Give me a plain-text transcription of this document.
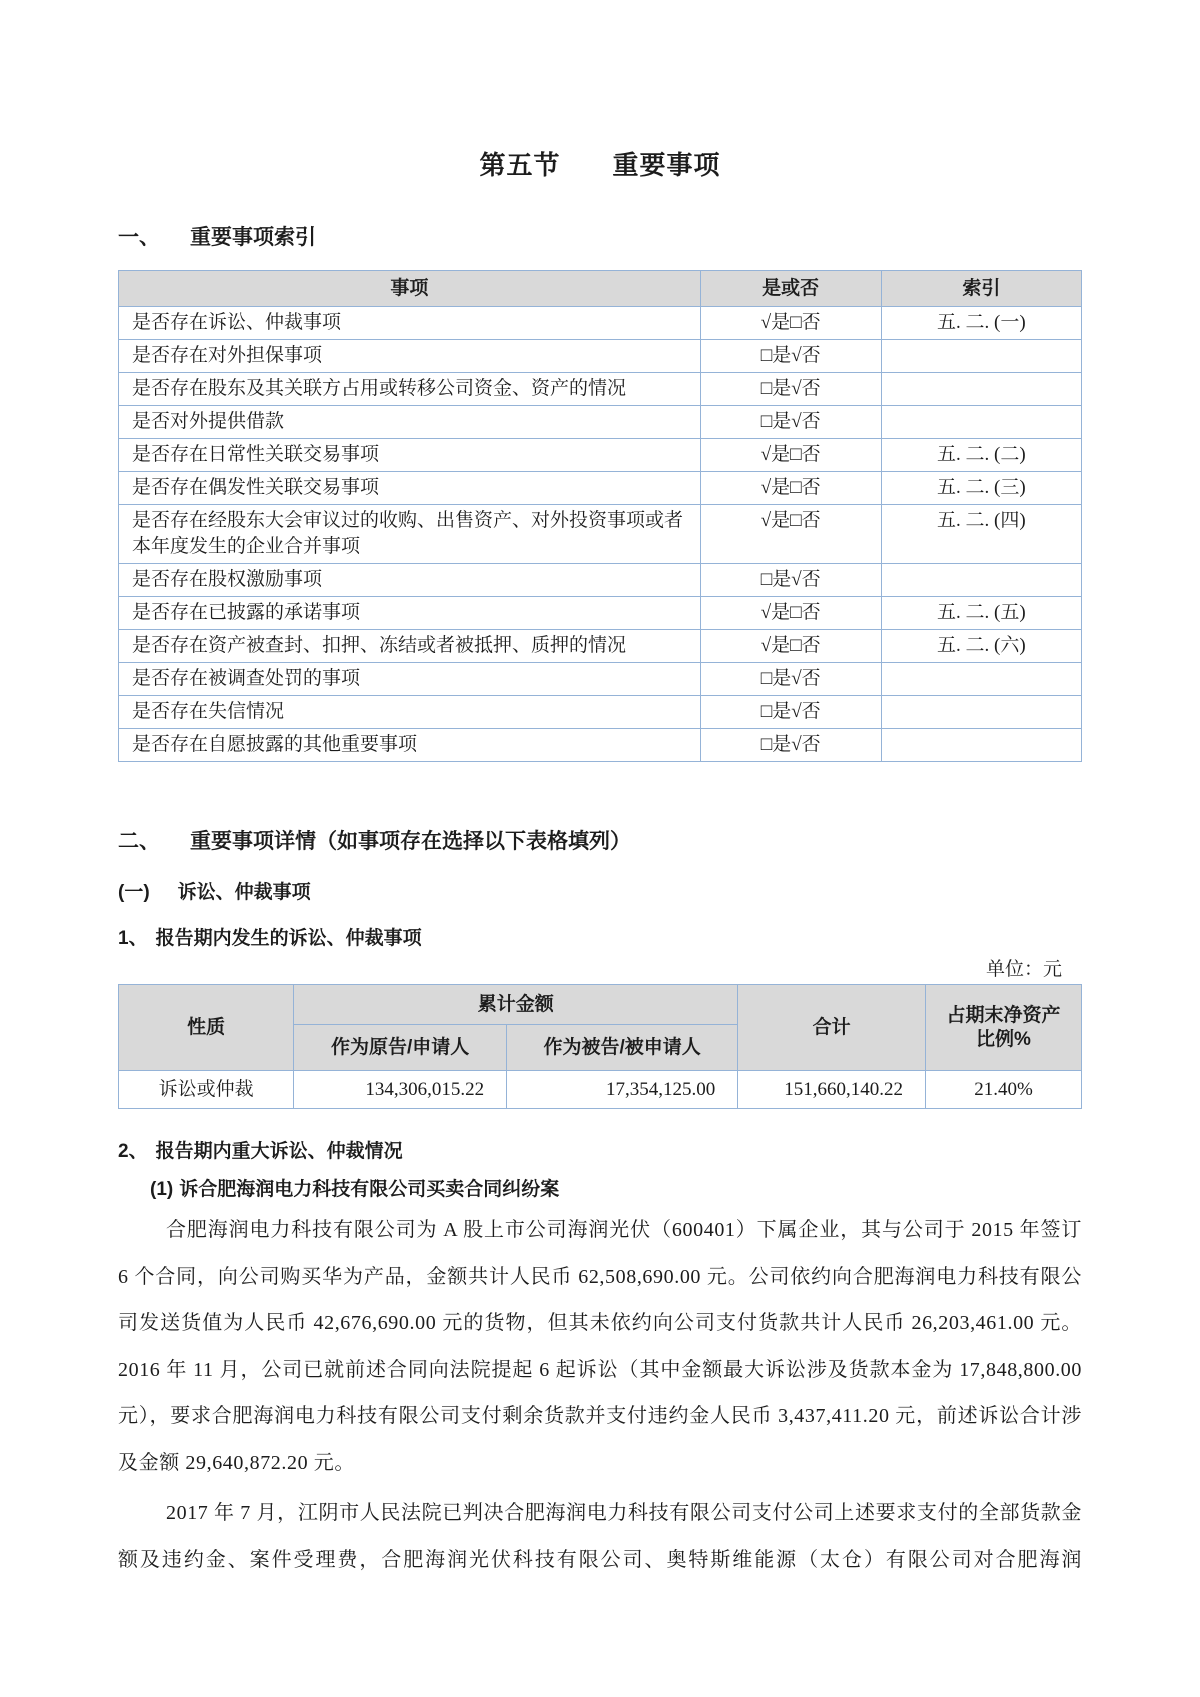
第五节 重要事项
一、 重要事项索引
事项	是或否	索引
是否存在诉讼、仲裁事项	√是□否	五. 二. (一)
是否存在对外担保事项	□是√否	
是否存在股东及其关联方占用或转移公司资金、资产的情况	□是√否	
是否对外提供借款	□是√否	
是否存在日常性关联交易事项	√是□否	五. 二. (二)
是否存在偶发性关联交易事项	√是□否	五. 二. (三)
是否存在经股东大会审议过的收购、出售资产、对外投资事项或者本年度发生的企业合并事项	√是□否	五. 二. (四)
是否存在股权激励事项	□是√否	
是否存在已披露的承诺事项	√是□否	五. 二. (五)
是否存在资产被查封、扣押、冻结或者被抵押、质押的情况	√是□否	五. 二. (六)
是否存在被调查处罚的事项	□是√否	
是否存在失信情况	□是√否	
是否存在自愿披露的其他重要事项	□是√否	
二、 重要事项详情（如事项存在选择以下表格填列）
(一) 诉讼、仲裁事项
1、 报告期内发生的诉讼、仲裁事项
单位：元
性质	累计金额		合计	占期末净资产比例%
	作为原告/申请人	作为被告/被申请人		
诉讼或仲裁	134,306,015.22	17,354,125.00	151,660,140.22	21.40%
2、 报告期内重大诉讼、仲裁情况
(1) 诉合肥海润电力科技有限公司买卖合同纠纷案

合肥海润电力科技有限公司为 A 股上市公司海润光伏（600401）下属企业，其与公司于 2015 年签订 6 个合同，向公司购买华为产品，金额共计人民币 62,508,690.00 元。公司依约向合肥海润电力科技有限公司发送货值为人民币 42,676,690.00 元的货物，但其未依约向公司支付货款共计人民币 26,203,461.00 元。2016 年 11 月，公司已就前述合同向法院提起 6 起诉讼（其中金额最大诉讼涉及货款本金为 17,848,800.00 元），要求合肥海润电力科技有限公司支付剩余货款并支付违约金人民币 3,437,411.20 元，前述诉讼合计涉及金额 29,640,872.20 元。

2017 年 7 月，江阴市人民法院已判决合肥海润电力科技有限公司支付公司上述要求支付的全部货款金额及违约金、案件受理费，合肥海润光伏科技有限公司、奥特斯维能源（太仓）有限公司对合肥海润
